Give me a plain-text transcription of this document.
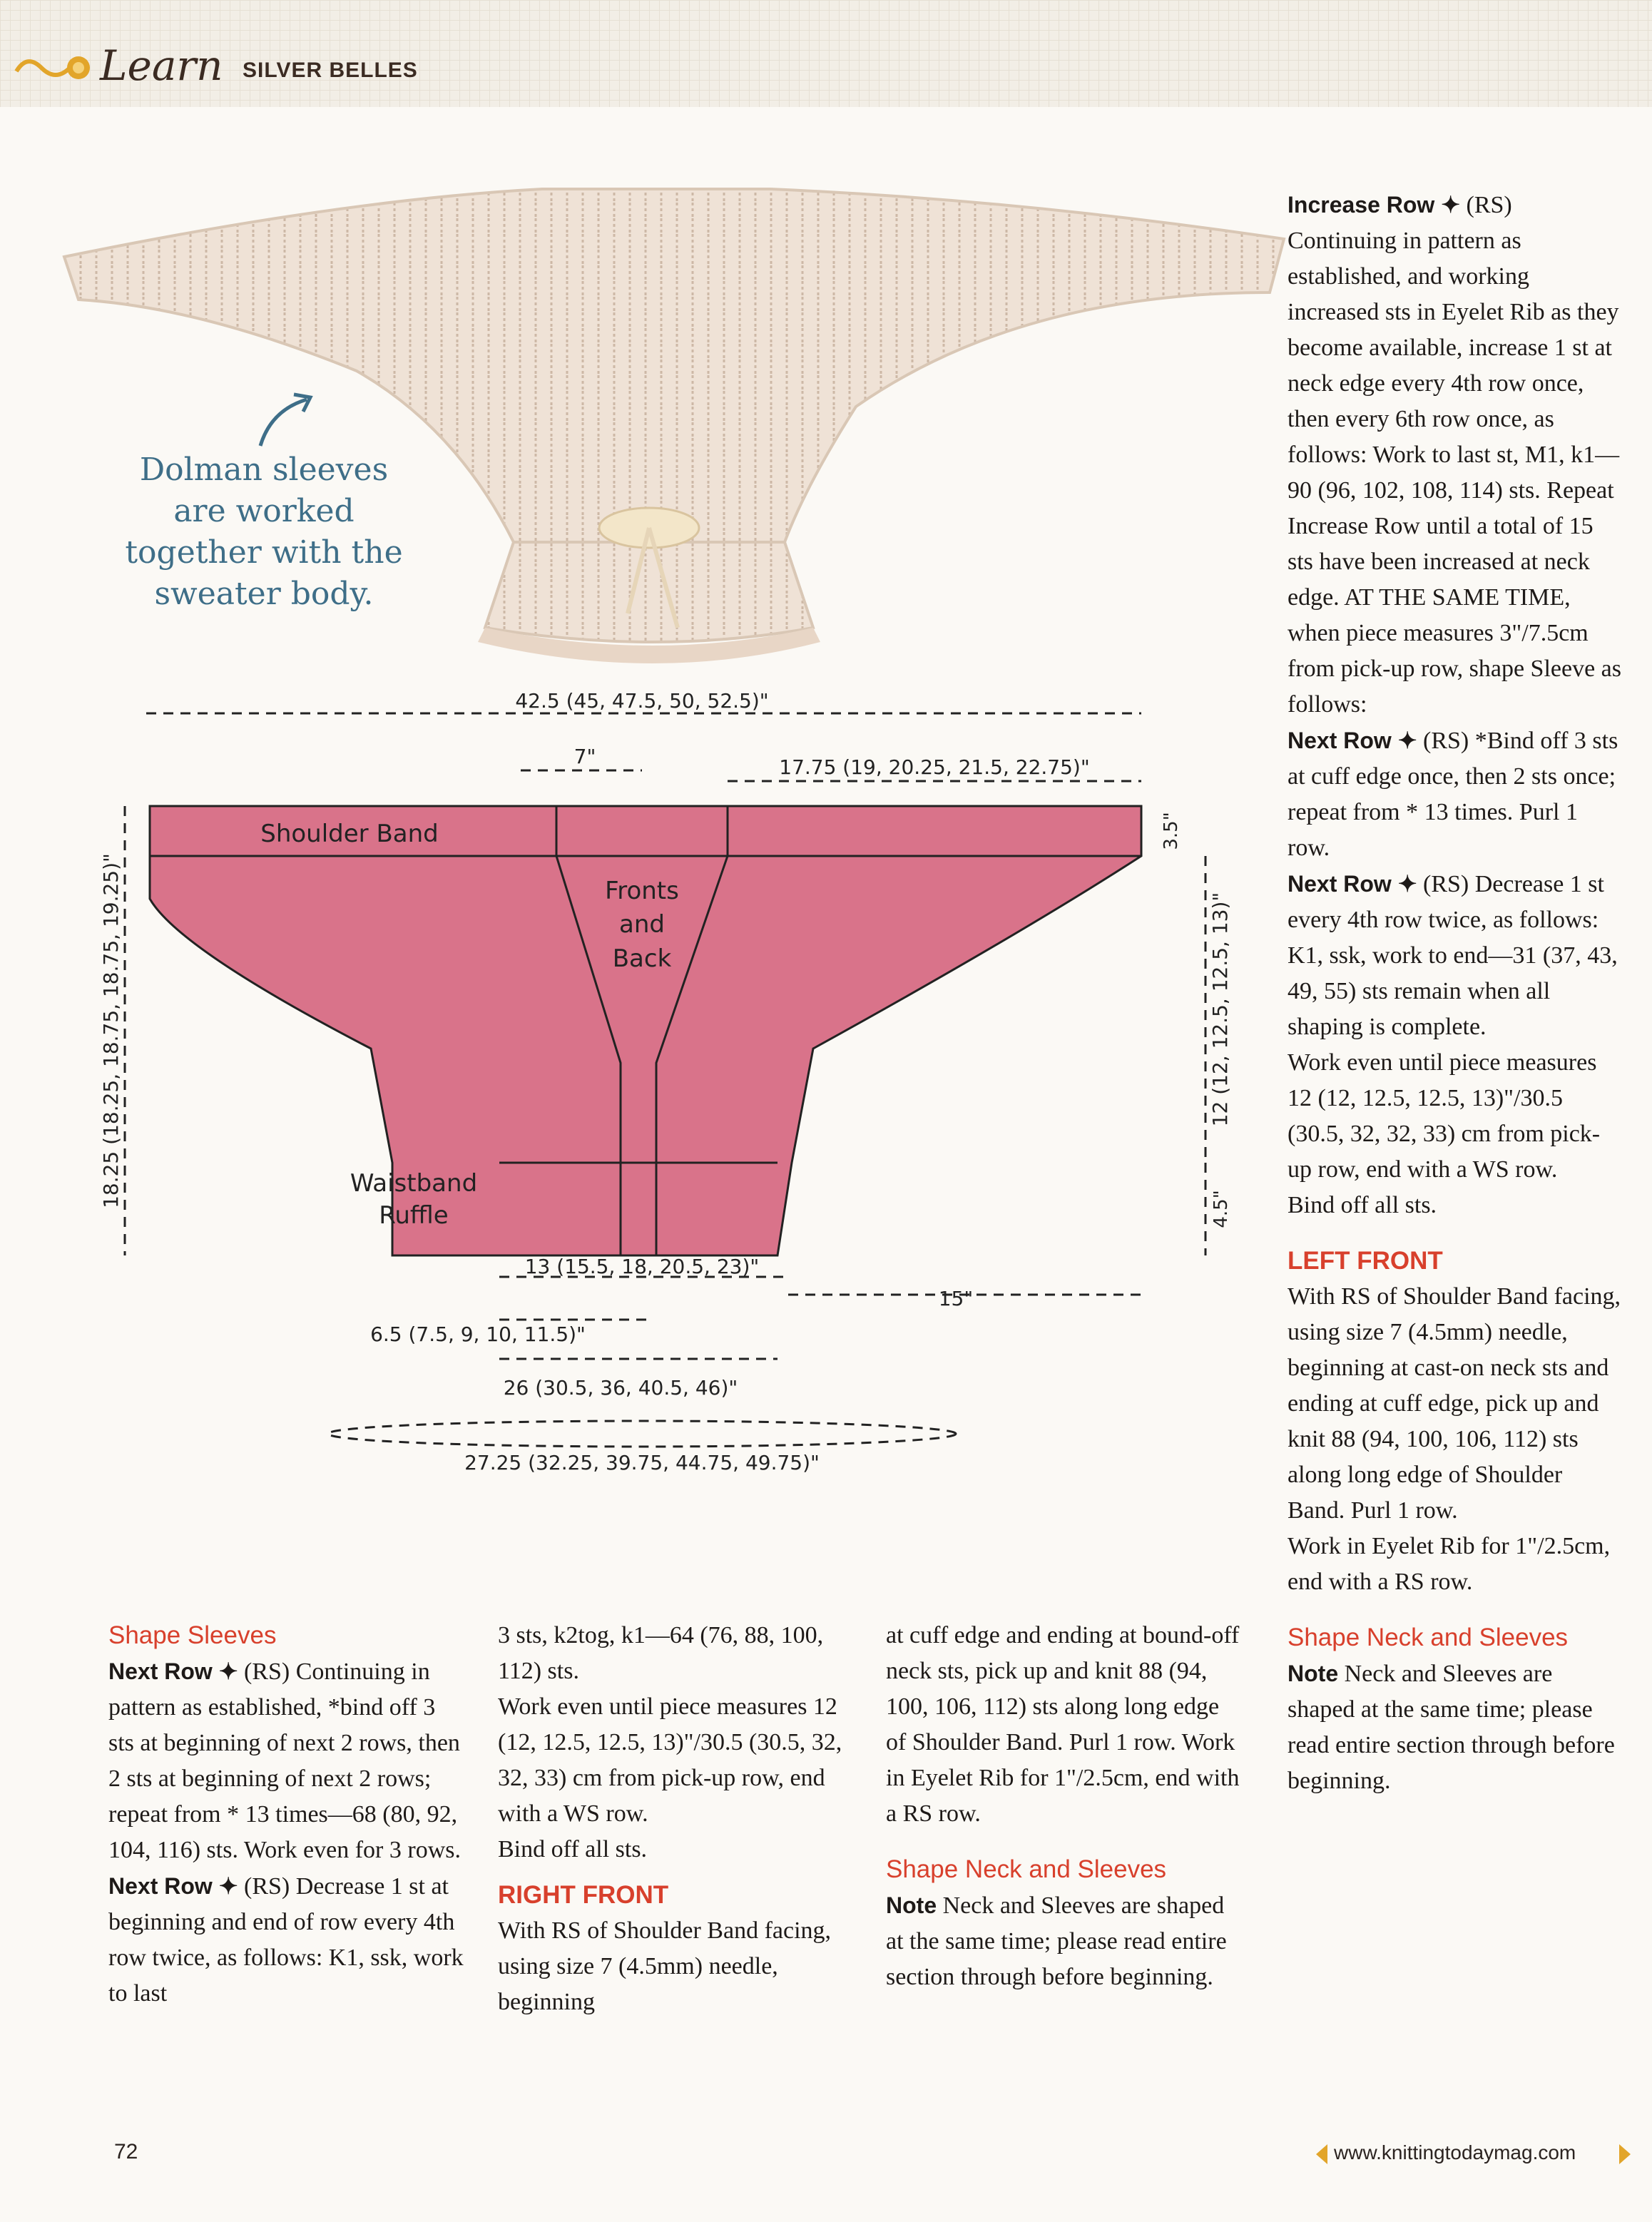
Learn SILVER BELLES
Dolman sleeves
are worked
together with the
sweater body.
42.5 (45, 47.5, 50, 52.5)"
7"	17.75 (19, 20.25, 21.5, 22.75)"
3.5"
18.25 (18.25, 18.75, 18.75, 19.25)"	12 (12, 12.5, 12.5, 13)"
4.5"
13 (15.5, 18, 20.5, 23)"
15"
6.5 (7.5, 9, 10, 11.5)"
26 (30.5, 36, 40.5, 46)"
27.25 (32.25, 39.75, 44.75, 49.75)"
Shoulder Band
Fronts
and
Back
Waistband
Ruffle

Increase Row ✦ (RS) Continuing in pattern as established, and working increased sts in Eyelet Rib as they become available, increase 1 st at neck edge every 4th row once, then every 6th row once, as follows: Work to last st, M1, k1—90 (96, 102, 108, 114) sts. Repeat Increase Row until a total of 15 sts have been increased at neck edge. AT THE SAME TIME, when piece measures 3"/7.5cm from pick-up row, shape Sleeve as follows:

Next Row ✦ (RS) *Bind off 3 sts at cuff edge once, then 2 sts once; repeat from * 13 times. Purl 1 row.

Next Row ✦ (RS) Decrease 1 st every 4th row twice, as follows: K1, ssk, work to end—31 (37, 43, 49, 55) sts remain when all shaping is complete.

Work even until piece measures 12 (12, 12.5, 12.5, 13)"/30.5 (30.5, 32, 32, 33) cm from pick-up row, end with a WS row.

Bind off all sts.

LEFT FRONT

With RS of Shoulder Band facing, using size 7 (4.5mm) needle, beginning at cast-on neck sts and ending at cuff edge, pick up and knit 88 (94, 100, 106, 112) sts along long edge of Shoulder Band. Purl 1 row.

Work in Eyelet Rib for 1"/2.5cm, end with a RS row.

Shape Neck and Sleeves

Note Neck and Sleeves are shaped at the same time; please read entire section through before beginning.

Shape Sleeves

Next Row ✦ (RS) Continuing in pattern as established, *bind off 3 sts at beginning of next 2 rows, then 2 sts at beginning of next 2 rows; repeat from * 13 times—68 (80, 92, 104, 116) sts. Work even for 3 rows.

Next Row ✦ (RS) Decrease 1 st at beginning and end of row every 4th row twice, as follows: K1, ssk, work to last

3 sts, k2tog, k1—64 (76, 88, 100, 112) sts.

Work even until piece measures 12 (12, 12.5, 12.5, 13)"/30.5 (30.5, 32, 32, 33) cm from pick-up row, end with a WS row.

Bind off all sts.

RIGHT FRONT

With RS of Shoulder Band facing, using size 7 (4.5mm) needle, beginning

at cuff edge and ending at bound-off neck sts, pick up and knit 88 (94, 100, 106, 112) sts along long edge of Shoulder Band. Purl 1 row. Work in Eyelet Rib for 1"/2.5cm, end with a RS row.

Shape Neck and Sleeves

Note Neck and Sleeves are shaped at the same time; please read entire section through before beginning.

72	www.knittingtodaymag.com
